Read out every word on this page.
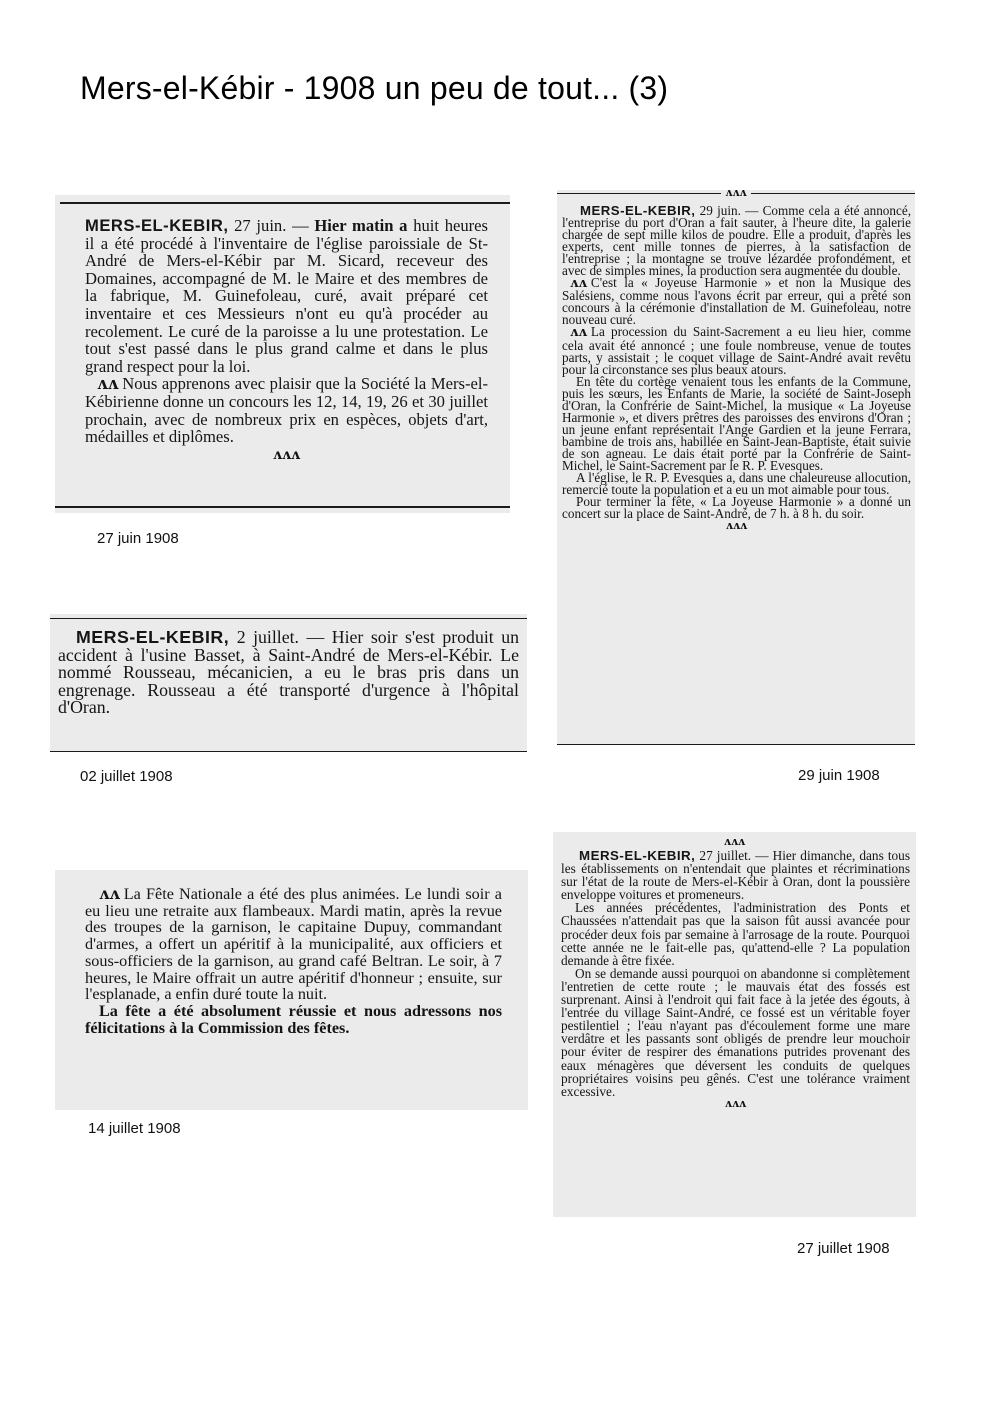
Mers-el-Kébir - 1908 un peu de tout... (3)

MERS-EL-KEBIR, 27 juin. — Hier matin a huit heures il a été procédé à l'inventaire de l'église paroissiale de St-André de Mers-el-Kébir par M. Sicard, receveur des Domaines, accompagné de M. le Maire et des membres de la fabrique, M. Guinefoleau, curé, avait préparé cet inventaire et ces Messieurs n'ont eu qu'à procéder au recolement. Le curé de la paroisse a lu une protestation. Le tout s'est passé dans le plus grand calme et dans le plus grand respect pour la loi.

ʌʌ Nous apprenons avec plaisir que la Société la Mers-el-Kébirienne donne un concours les 12, 14, 19, 26 et 30 juillet prochain, avec de nombreux prix en espèces, objets d'art, médailles et diplômes.

ʌʌʌ
27 juin 1908

MERS-EL-KEBIR, 2 juillet. — Hier soir s'est produit un accident à l'usine Basset, à Saint-André de Mers-el-Kébir. Le nommé Rousseau, mécanicien, a eu le bras pris dans un engrenage. Rousseau a été transporté d'urgence à l'hôpital d'Oran.

02 juillet 1908
ʌʌʌ

MERS-EL-KEBIR, 29 juin. — Comme cela a été annoncé, l'entreprise du port d'Oran a fait sauter, à l'heure dite, la galerie chargée de sept mille kilos de poudre. Elle a produit, d'après les experts, cent mille tonnes de pierres, à la satisfaction de l'entreprise ; la montagne se trouve lézardée profondément, et avec de simples mines, la production sera augmentée du double.

ʌʌ C'est la « Joyeuse Harmonie » et non la Musique des Salésiens, comme nous l'avons écrit par erreur, qui a prêté son concours à la cérémonie d'installation de M. Guinefoleau, notre nouveau curé.

ʌʌ La procession du Saint-Sacrement a eu lieu hier, comme cela avait été annoncé ; une foule nombreuse, venue de toutes parts, y assistait ; le coquet village de Saint-André avait revêtu pour la circonstance ses plus beaux atours.

En tête du cortège venaient tous les enfants de la Commune, puis les sœurs, les Enfants de Marie, la société de Saint-Joseph d'Oran, la Confrérie de Saint-Michel, la musique « La Joyeuse Harmonie », et divers prêtres des paroisses des environs d'Oran ; un jeune enfant représentait l'Ange Gardien et la jeune Ferrara, bambine de trois ans, habillée en Saint-Jean-Baptiste, était suivie de son agneau. Le dais était porté par la Confrérie de Saint-Michel, le Saint-Sacrement par le R. P. Evesques.

A l'église, le R. P. Evesques a, dans une chaleureuse allocution, remercié toute la population et a eu un mot aimable pour tous.

Pour terminer la fête, « La Joyeuse Harmonie » a donné un concert sur la place de Saint-André, de 7 h. à 8 h. du soir.

ʌʌʌ
29 juin 1908

ʌʌ La Fête Nationale a été des plus animées. Le lundi soir a eu lieu une retraite aux flambeaux. Mardi matin, après la revue des troupes de la garnison, le capitaine Dupuy, commandant d'armes, a offert un apéritif à la municipalité, aux officiers et sous-officiers de la garnison, au grand café Beltran. Le soir, à 7 heures, le Maire offrait un autre apéritif d'honneur ; ensuite, sur l'esplanade, a enfin duré toute la nuit.

La fête a été absolument réussie et nous adressons nos félicitations à la Commission des fêtes.

14 juillet 1908
ʌʌʌ

MERS-EL-KEBIR, 27 juillet. — Hier dimanche, dans tous les établissements on n'entendait que plaintes et récriminations sur l'état de la route de Mers-el-Kébir à Oran, dont la poussière enveloppe voitures et promeneurs.

Les années précédentes, l'administration des Ponts et Chaussées n'attendait pas que la saison fût aussi avancée pour procéder deux fois par semaine à l'arrosage de la route. Pourquoi cette année ne le fait-elle pas, qu'attend-elle ? La population demande à être fixée.

On se demande aussi pourquoi on abandonne si complètement l'entretien de cette route ; le mauvais état des fossés est surprenant. Ainsi à l'endroit qui fait face à la jetée des égouts, à l'entrée du village Saint-André, ce fossé est un véritable foyer pestilentiel ; l'eau n'ayant pas d'écoulement forme une mare verdâtre et les passants sont obligés de prendre leur mouchoir pour éviter de respirer des émanations putrides provenant des eaux ménagères que déversent les conduits de quelques propriétaires voisins peu gênés. C'est une tolérance vraiment excessive.

ʌʌʌ
27 juillet 1908
